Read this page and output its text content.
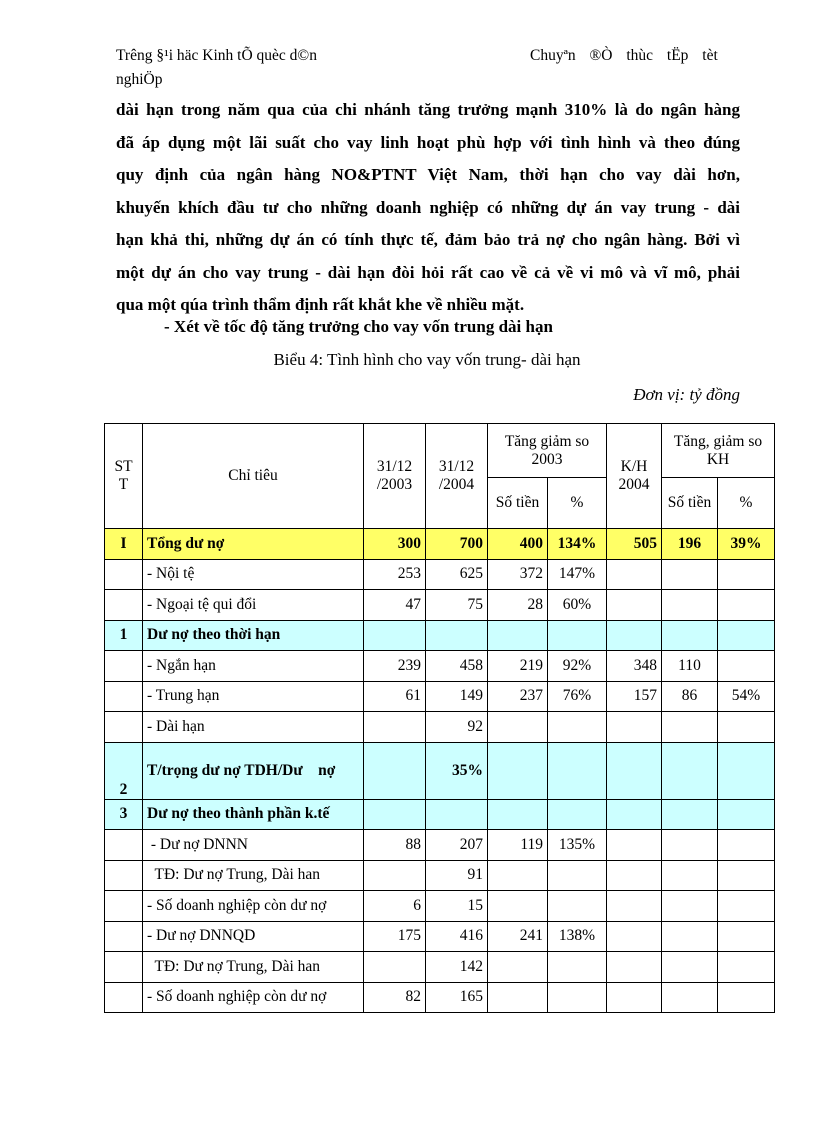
Trêng §¹i häc Kinh tÕ quèc d©n nghiÖp
Chuyªn ®Ò thùc tËp tèt
dài hạn trong năm qua của chi nhánh tăng trưởng mạnh 310% là do ngân hàng
đã áp dụng một lãi suất cho vay linh hoạt phù hợp với tình hình và theo đúng
quy định của ngân hàng NO&PTNT Việt Nam, thời hạn cho vay dài hơn,
khuyến khích đầu tư cho những doanh nghiệp có những dự án vay trung - dài
hạn khả thi, những dự án có tính thực tế, đảm bảo trả nợ cho ngân hàng. Bởi vì
một dự án cho vay trung - dài hạn đòi hỏi rất cao về cả về vi mô và vĩ mô, phải
qua một qúa trình thẩm định rất khắt khe về nhiều mặt.
- Xét về tốc độ tăng trưởng cho vay vốn trung dài hạn
Biểu 4: Tình hình cho vay vốn trung- dài hạn
Đơn vị: tỷ đồng
ST T	Chỉ tiêu	31/12 /2003	31/12 /2004	Tăng giảm so 2003		K/H 2004	Tăng, giảm so KH	
				Số tiền	%		Số tiền	%
I	Tổng dư nợ	300	700	400	134%	505	196	39%
	- Nội tệ	253	625	372	147%			
	- Ngoại tệ qui đổi	47	75	28	60%			
1	Dư nợ theo thời hạn							
	- Ngắn hạn	239	458	219	92%	348	110	
	- Trung hạn	61	149	237	76%	157	86	54%
	- Dài hạn		92					
2	T/trọng dư nợ TDH/Dư    nợ		35%					
3	Dư nợ theo thành phần k.tế							
	- Dư nợ DNNN	88	207	119	135%			
	TĐ: Dư nợ Trung, Dài han		91					
	- Số doanh nghiệp còn dư nợ	6	15					
	- Dư nợ DNNQD	175	416	241	138%			
	TĐ: Dư nợ Trung, Dài han		142					
	- Số doanh nghiệp còn dư nợ	82	165					
